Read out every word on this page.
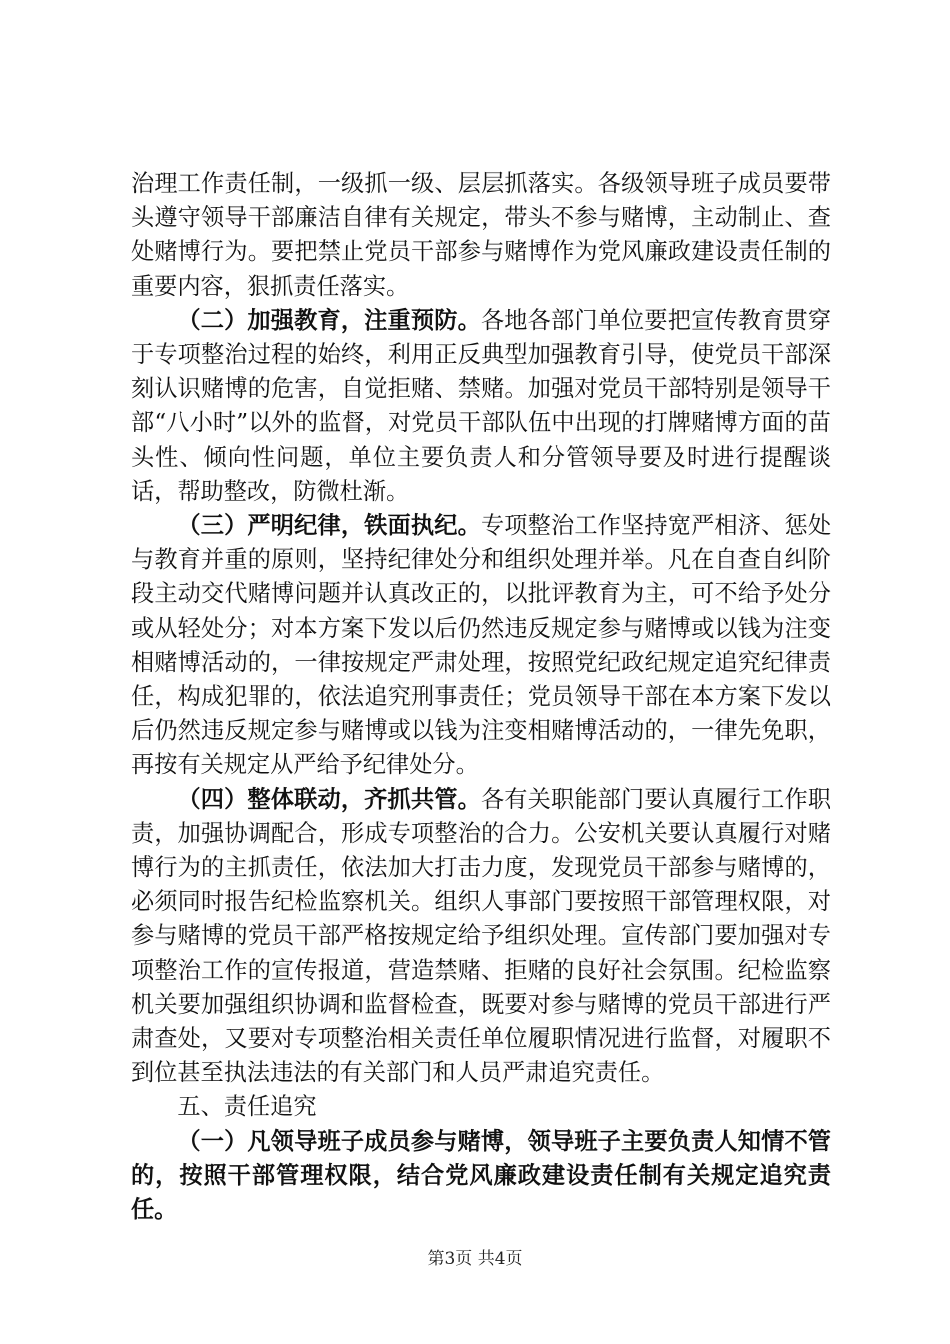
治理工作责任制，一级抓一级、层层抓落实。各级领导班子成员要带头遵守领导干部廉洁自律有关规定，带头不参与赌博，主动制止、查处赌博行为。要把禁止党员干部参与赌博作为党风廉政建设责任制的重要内容，狠抓责任落实。

（二）加强教育，注重预防。各地各部门单位要把宣传教育贯穿于专项整治过程的始终，利用正反典型加强教育引导，使党员干部深刻认识赌博的危害，自觉拒赌、禁赌。加强对党员干部特别是领导干部“八小时”以外的监督，对党员干部队伍中出现的打牌赌博方面的苗头性、倾向性问题，单位主要负责人和分管领导要及时进行提醒谈话，帮助整改，防微杜渐。

（三）严明纪律，铁面执纪。专项整治工作坚持宽严相济、惩处与教育并重的原则，坚持纪律处分和组织处理并举。凡在自查自纠阶段主动交代赌博问题并认真改正的，以批评教育为主，可不给予处分或从轻处分；对本方案下发以后仍然违反规定参与赌博或以钱为注变相赌博活动的，一律按规定严肃处理，按照党纪政纪规定追究纪律责任，构成犯罪的，依法追究刑事责任；党员领导干部在本方案下发以后仍然违反规定参与赌博或以钱为注变相赌博活动的，一律先免职，再按有关规定从严给予纪律处分。

（四）整体联动，齐抓共管。各有关职能部门要认真履行工作职责，加强协调配合，形成专项整治的合力。公安机关要认真履行对赌博行为的主抓责任，依法加大打击力度，发现党员干部参与赌博的，必须同时报告纪检监察机关。组织人事部门要按照干部管理权限，对参与赌博的党员干部严格按规定给予组织处理。宣传部门要加强对专项整治工作的宣传报道，营造禁赌、拒赌的良好社会氛围。纪检监察机关要加强组织协调和监督检查，既要对参与赌博的党员干部进行严肃查处，又要对专项整治相关责任单位履职情况进行监督，对履职不到位甚至执法违法的有关部门和人员严肃追究责任。

五、责任追究

（一）凡领导班子成员参与赌博，领导班子主要负责人知情不管的，按照干部管理权限，结合党风廉政建设责任制有关规定追究责任。

第3页 共4页
